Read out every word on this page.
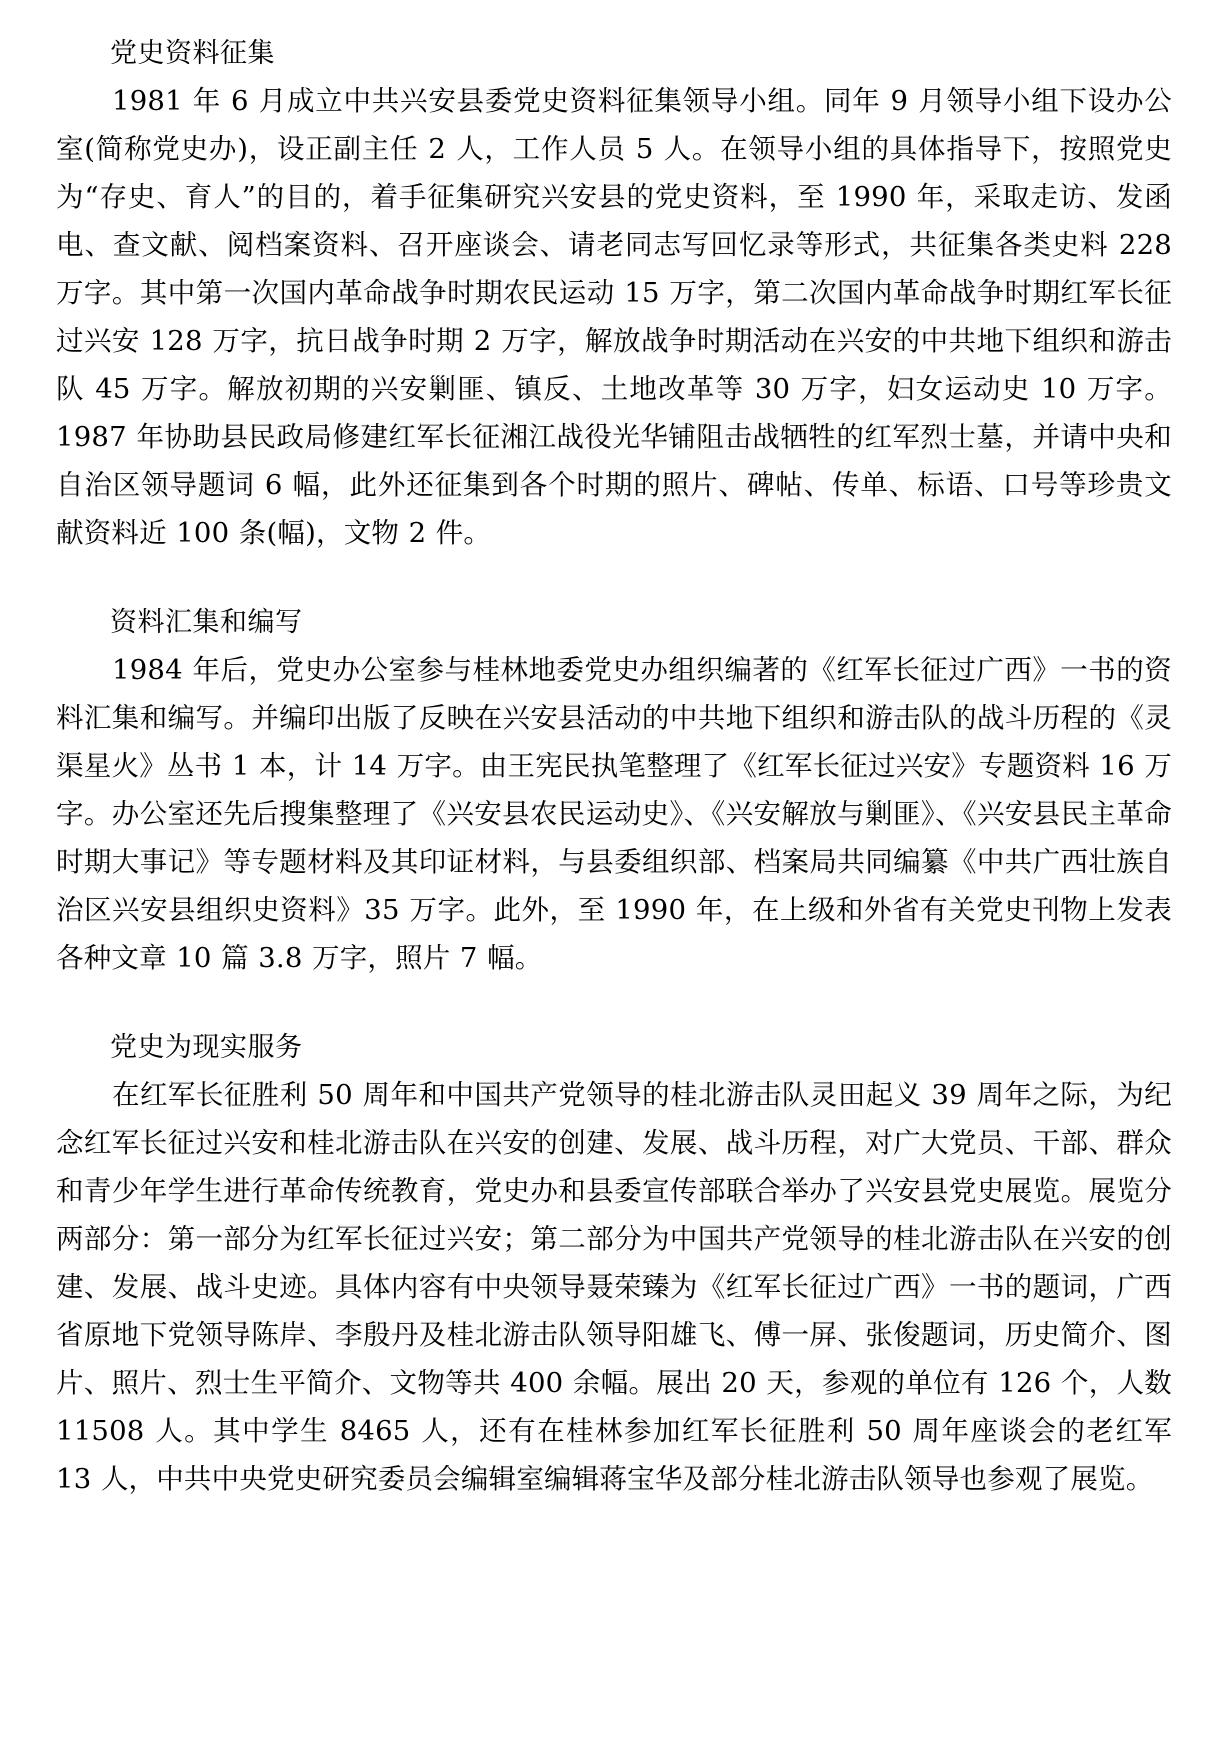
党史资料征集

1981 年 6 月成立中共兴安县委党史资料征集领导小组。同年 9 月领导小组下设办公室(简称党史办)，设正副主任 2 人，工作人员 5 人。在领导小组的具体指导下，按照党史为“存史、育人”的目的，着手征集研究兴安县的党史资料，至 1990 年，采取走访、发函电、查文献、阅档案资料、召开座谈会、请老同志写回忆录等形式，共征集各类史料 228 万字。其中第一次国内革命战争时期农民运动 15 万字，第二次国内革命战争时期红军长征过兴安 128 万字，抗日战争时期 2 万字，解放战争时期活动在兴安的中共地下组织和游击队 45 万字。解放初期的兴安剿匪、镇反、土地改革等 30 万字，妇女运动史 10 万字。1987 年协助县民政局修建红军长征湘江战役光华铺阻击战牺牲的红军烈士墓，并请中央和自治区领导题词 6 幅，此外还征集到各个时期的照片、碑帖、传单、标语、口号等珍贵文献资料近 100 条(幅)，文物 2 件。

资料汇集和编写

1984 年后，党史办公室参与桂林地委党史办组织编著的《红军长征过广西》一书的资料汇集和编写。并编印出版了反映在兴安县活动的中共地下组织和游击队的战斗历程的《灵渠星火》丛书 1 本，计 14 万字。由王宪民执笔整理了《红军长征过兴安》专题资料 16 万字。办公室还先后搜集整理了《兴安县农民运动史》、《兴安解放与剿匪》、《兴安县民主革命时期大事记》等专题材料及其印证材料，与县委组织部、档案局共同编纂《中共广西壮族自治区兴安县组织史资料》35 万字。此外，至 1990 年，在上级和外省有关党史刊物上发表各种文章 10 篇 3.8 万字，照片 7 幅。

党史为现实服务

在红军长征胜利 50 周年和中国共产党领导的桂北游击队灵田起义 39 周年之际，为纪念红军长征过兴安和桂北游击队在兴安的创建、发展、战斗历程，对广大党员、干部、群众和青少年学生进行革命传统教育，党史办和县委宣传部联合举办了兴安县党史展览。展览分两部分：第一部分为红军长征过兴安；第二部分为中国共产党领导的桂北游击队在兴安的创建、发展、战斗史迹。具体内容有中央领导聂荣臻为《红军长征过广西》一书的题词，广西省原地下党领导陈岸、李殷丹及桂北游击队领导阳雄飞、傅一屏、张俊题词，历史简介、图片、照片、烈士生平简介、文物等共 400 余幅。展出 20 天，参观的单位有 126 个，人数 11508 人。其中学生 8465 人，还有在桂林参加红军长征胜利 50 周年座谈会的老红军 13 人，中共中央党史研究委员会编辑室编辑蒋宝华及部分桂北游击队领导也参观了展览。
